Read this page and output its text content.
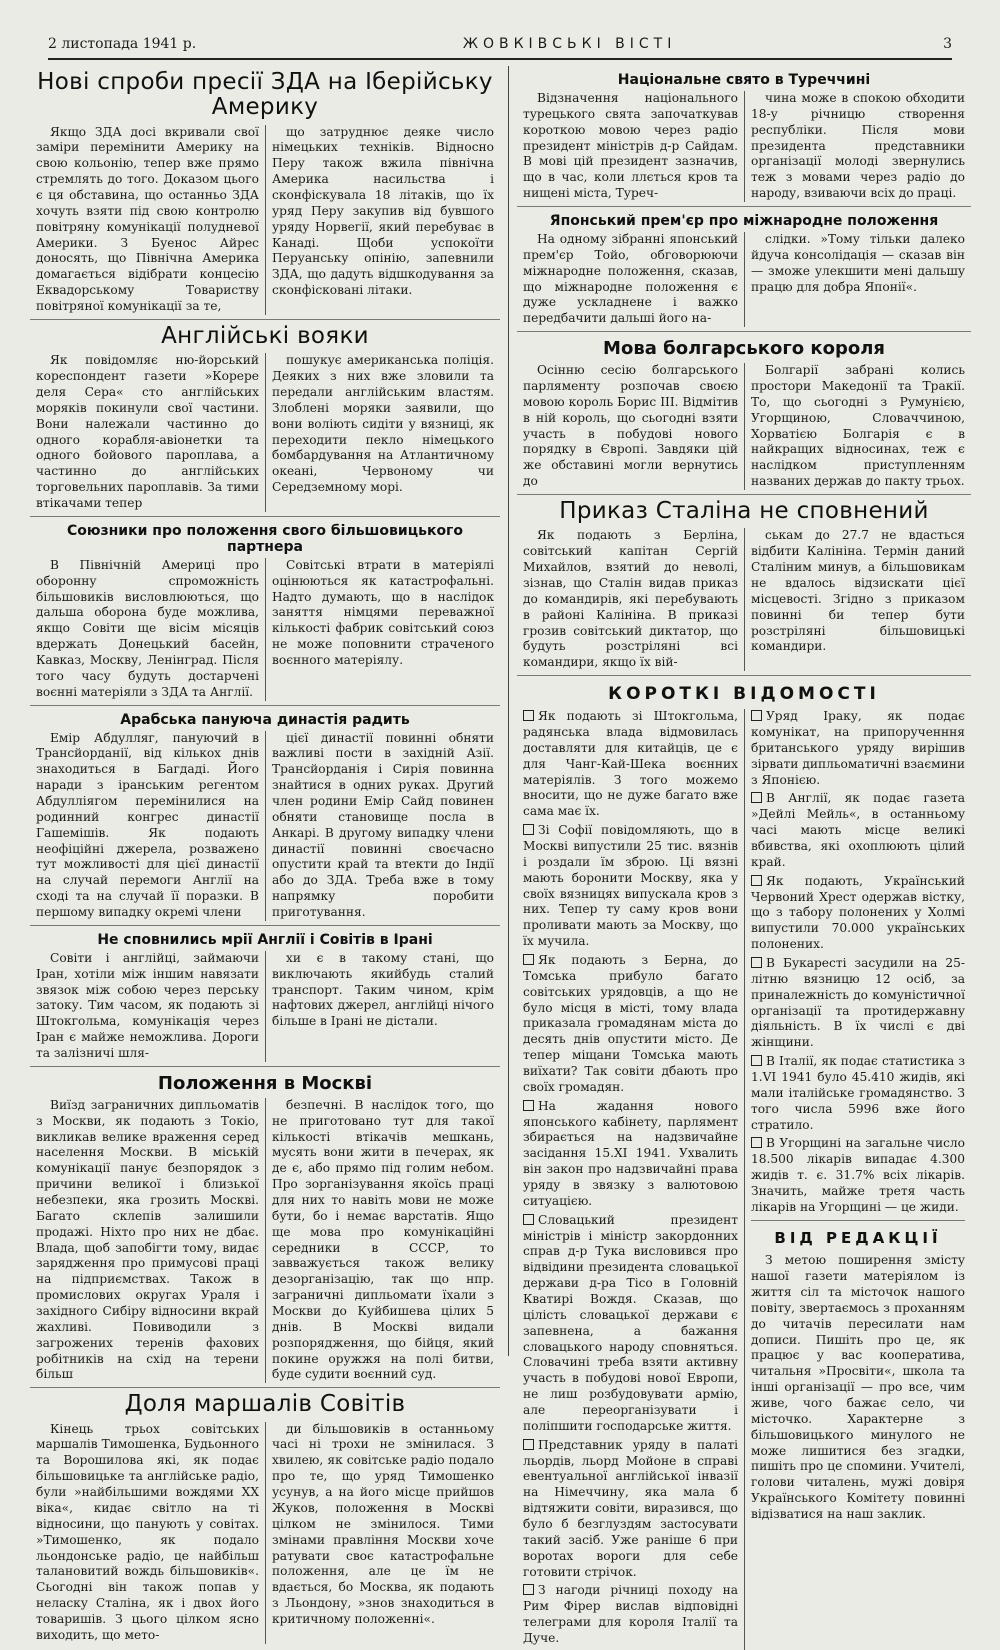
2 листопада 1941 р.	ЖОВКІВСЬКІ ВІСТІ	3
Нові спроби пресії ЗДА на Іберійську Америку

Якщо ЗДА досі вкривали свої заміри перемінити Америку на свою кольонію, тепер вже прямо стремлять до того. Доказом цього є ця обставина, що останньо ЗДА хочуть взяти під свою контролю повітряну комунікації полудневої Америки. З Буенос Айрес доносять, що Північна Америка домагається відібрати концесію Еквадорському Товариству повітряної комунікації за те,

що затруднює деяке число німецьких техніків. Відносно Перу також вжила північна Америка насильства і сконфіскувала 18 літаків, що їх уряд Перу закупив від бувшого уряду Норвегії, який перебуває в Канаді. Щоби успокоїти Перуанську опінію, запевнили ЗДА, що дадуть відшкодування за сконфісковані літаки.

Англійські вояки

Як повідомляє ню-йорський кореспондент газети »Корере деля Сера« сто англійських моряків покинули свої частини. Вони належали частинно до одного корабля-авіонетки та одного бойового пароплава, а частинно до англійських торговельних пароплавів. За тими втікачами тепер

пошукує американська поліція. Деяких з них вже зловили та передали англійським властям. Злоблені моряки заявили, що вони воліють сидіти у вязниці, як переходити пекло німецького бомбардування на Атлантичному океані, Червоному чи Середземному морі.

Союзники про положення свого більшовицького партнера

В Північній Америці про оборонну спроможність більшовиків висловлюються, що дальша оборона буде можлива, якщо Совіти ще вісім місяців вдержать Донецький басейн, Кавказ, Москву, Ленінград. Після того часу будуть достарчені воєнні матеріяли з ЗДА та Англії.

Совітські втрати в матеріялі оцінюються як катастрофальні. Надто думають, що в наслідок заняття німцями переважної кількості фабрик совітський союз не може поповнити страченого воєнного матеріялу.

Арабська пануюча династія радить

Емір Абдулляг, пануючий в Трансйорданії, від кількох днів знаходиться в Багдаді. Його наради з іранським регентом Абдулліягом перемінилися на родинний конгрес династії Гашемішів. Як подають неофіційні джерела, розважено тут можливості для цієї династії на случай перемоги Англії на сході та на случай її поразки. В першому випадку окремі члени

цієї династії повинні обняти важливі пости в західній Азії. Трансйорданія і Сирія повинна знайтися в одних руках. Другий член родини Емір Сайд повинен обняти становище посла в Анкарі. В другому випадку члени династії повинні своєчасно опустити край та втекти до Індії або до ЗДА. Треба вже в тому напрямку поробити приготування.

Не сповнились мрії Англії і Совітів в Ірані

Совіти і англійці, займаючи Іран, хотіли між іншим навязати звязок між собою через перську затоку. Тим часом, як подають зі Штокгольма, комунікація через Іран є майже неможлива. Дороги та залізничі шля-

хи є в такому стані, що виключають якийбудь сталий транспорт. Таким чином, крім нафтових джерел, англійці нічого більше в Ірані не дістали.

Положення в Москві

Виїзд заграничних дипльоматів з Москви, як подають з Токіо, викликав велике враження серед населення Москви. В міській комунікації панує безпорядок з причини великої і близької небезпеки, яка грозить Москві. Багато склепів залишили продажі. Ніхто про них не дбає. Влада, щоб запобігти тому, видає зарядження про примусові праці на підприємствах. Також в промислових округах Ураля і західного Сибіру відносини вкрай жахливі. Повиводили з загрожених теренів фахових робітників на схід на терени більш

безпечні. В наслідок того, що не приготовано тут для такої кількості втікачів мешкань, мусять вони жити в печерах, як де є, або прямо під голим небом. Про зорганізування якоїсь праці для них то навіть мови не може бути, бо і немає варстатів. Ящо ще мова про комунікаційні середники в СССР, то завважується також велику дезорганізацію, так що нпр. заграничні дипльомати їхали з Москви до Куйбишева цілих 5 днів. В Москві видали розпорядження, що бійця, який покине оружжя на полі битви, буде судити воєнний суд.

Доля маршалів Совітів

Кінець трьох совітських маршалів Тимошенка, Будьонного та Ворошилова які, як подає більшовицьке та англійське радіо, були »найбільшими вождями XX віка«, кидає світло на ті відносини, що панують у совітах. »Тимошенко, як подало льондонське радіо, це найбільш талановитий вождь більшовиків«. Сьогодні він також попав у неласку Сталіна, як і двох його товаришів. З цього цілком ясно виходить, що мето-

ди більшовиків в останньому часі ні трохи не змінилася. З хвилею, як совітське радіо подало про те, що уряд Тимошенко усунув, а на його місце прийшов Жуков, положення в Москві цілком не змінилося. Тими змінами правління Москви хоче ратувати своє катастрофальне положення, але це їм не вдається, бо Москва, як подають з Льондону, »знов знаходиться в критичному положенні«.

Національне свято в Туреччині

Відзначення національного турецького свята започаткував короткою мовою через радіо президент міністрів д-р Сайдам. В мові цій президент зазначив, що в час, коли ллється кров та нищені міста, Туреч-

чина може в спокою обходити 18-у річницю створення республіки. Після мови президента представники організації молоді звернулись теж з мовами через радіо до народу, взиваючи всіх до праці.

Японський прем'єр про міжнародне положення

На одному зібранні японський прем'єр Тойо, обговорюючи міжнародне положення, сказав, що міжнародне положення є дуже ускладнене і важко передбачити дальші його на-

слідки. »Тому тільки далеко йдуча консолідація — сказав він — зможе улекшити мені дальшу працю для добра Японії«.

Мова болгарського короля

Осінню сесію болгарського парляменту розпочав своєю мовою король Борис III. Відмітив в ній король, що сьогодні взяти участь в побудові нового порядку в Європі. Завдяки цій же обставині могли вернутись до

Болгарії забрані колись простори Македонії та Тракії. То, що сьогодні з Румунією, Угорщиною, Словаччиною, Хорватією Болгарія є в найкращих відносинах, теж є наслідком приступленням названих держав до пакту трьох.

Приказ Сталіна не сповнений

Як подають з Берліна, совітський капітан Сергій Михайлов, взятий до неволі, зізнав, що Сталін видав приказ до командирів, які перебувають в районі Калініна. В приказі грозив совітський диктатор, що будуть розстріляні всі командири, якщо їх вій-

ськам до 27.7 не вдасться відбити Калініна. Термін даний Сталіним минув, а більшовикам не вдалось відзискати цієї місцевості. Згідно з приказом повинні би тепер бути розстріляні більшовицькі командири.

КОРОТКІ ВІДОМОСТІ

Як подають зі Штокгольма, радянська влада відмовилась доставляти для китайців, це є для Чанг-Кай-Шека воєнних матеріялів. З того можемо вносити, що не дуже багато вже сама має їх.

Зі Софії повідомляють, що в Москві випустили 25 тис. вязнів і роздали їм зброю. Ці вязні мають боронити Москву, яка у своїх вязницях випускала кров з них. Тепер ту саму кров вони проливати мають за Москву, що їх мучила.

Як подають з Берна, до Томська прибуло багато совітських урядовців, а що не було місця в місті, тому влада приказала громадянам міста до десять днів опустити місто. Де тепер міщани Томська мають виїхати? Так совіти дбають про своїх громадян.

На жадання нового японського кабінету, парлямент збирається на надзвичайне засідання 15.XI 1941. Ухвалить він закон про надзвичайні права уряду в звязку з валютовою ситуацією.

Словацький президент міністрів і міністр закордонних справ д-р Тука висловився про відвідини президента словацької держави д-ра Тісо в Головній Кватирі Вождя. Сказав, що цілість словацької держави є запевнена, а бажання словацького народу сповняться. Словачині треба взяти активну участь в побудові нової Европи, не лиш розбудовувати армію, але переорганізувати і поліпшити господарське життя.

Представник уряду в палаті льордів, льорд Мойоне в справі евентуальної англійської інвазії на Німеччину, яка мала б відтяжити совіти, виразився, що було б безглуздям застосувати такий засіб. Уже раніше 6 при воротах вороги для себе готовити стрічок.

З нагоди річниці походу на Рим Фірер вислав відповідні телеграми для короля Італії та Дуче.

Уряд Іраку, як подає комунікат, на припорученння британського уряду вирішив зірвати дипльоматичні взаємини з Японією.

В Англії, як подає газета »Дейлі Мейль«, в останньому часі мають місце великі вбивства, які охоплюють цілий край.

Як подають, Український Червоний Хрест одержав вістку, що з табору полонених у Холмі випустили 70.000 українських полонених.

В Букаресті засудили на 25-літню вязницю 12 осіб, за приналежність до комуністичної організації та протидержавну діяльність. В їх числі є дві жінщини.

В Італії, як подає статистика з 1.VI 1941 було 45.410 жидів, які мали італійське громадянство. З того числа 5996 вже його стратило.

В Угорщині на загальне число 18.500 лікарів випадає 4.300 жидів т. є. 31.7% всіх лікарів. Значить, майже третя часть лікарів на Угорщині — це жиди.

ВІД РЕДАКЦІЇ

З метою поширення змісту нашої газети матеріялом із життя сіл та місточок нашого повіту, звертаємось з проханням до читачів пересилати нам дописи. Пишіть про це, як працює у вас кооператива, читальня »Просвіти«, школа та інші організації — про все, чим живе, чого бажає село, чи місточко. Характерне з більшовицького минулого не може лишитися без згадки, пишіть про це спомини. Учителі, голови читалень, мужі довіря Українського Комітету повинні відізватися на наш заклик.
